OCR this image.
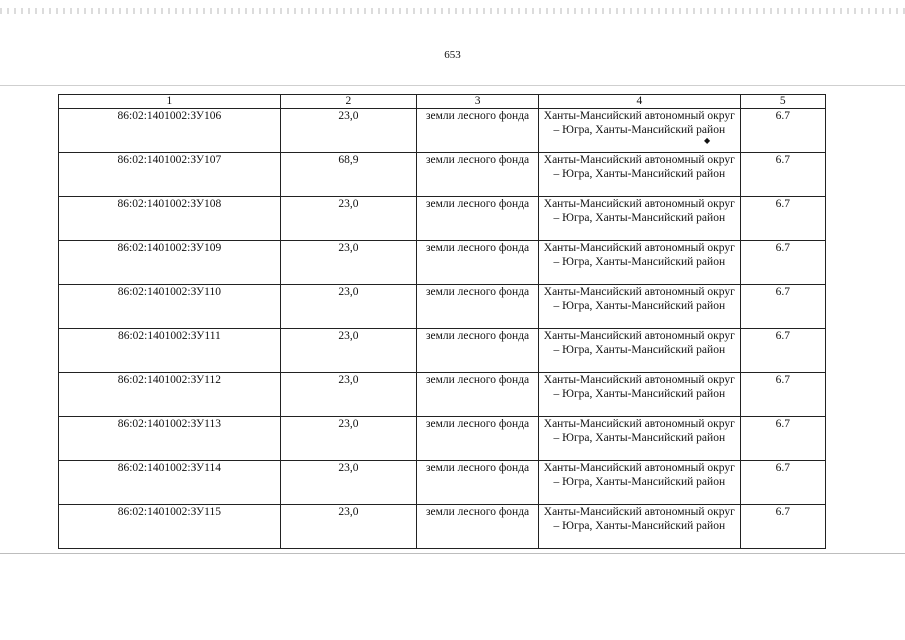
653
1	2	3	4	5
86:02:1401002:ЗУ106	23,0	земли лесного фонда	Ханты-Мансийский автономный округ – Югра, Ханты-Мансийский район	6.7
86:02:1401002:ЗУ107	68,9	земли лесного фонда	Ханты-Мансийский автономный округ – Югра, Ханты-Мансийский район	6.7
86:02:1401002:ЗУ108	23,0	земли лесного фонда	Ханты-Мансийский автономный округ – Югра, Ханты-Мансийский район	6.7
86:02:1401002:ЗУ109	23,0	земли лесного фонда	Ханты-Мансийский автономный округ – Югра, Ханты-Мансийский район	6.7
86:02:1401002:ЗУ110	23,0	земли лесного фонда	Ханты-Мансийский автономный округ – Югра, Ханты-Мансийский район	6.7
86:02:1401002:ЗУ111	23,0	земли лесного фонда	Ханты-Мансийский автономный округ – Югра, Ханты-Мансийский район	6.7
86:02:1401002:ЗУ112	23,0	земли лесного фонда	Ханты-Мансийский автономный округ – Югра, Ханты-Мансийский район	6.7
86:02:1401002:ЗУ113	23,0	земли лесного фонда	Ханты-Мансийский автономный округ – Югра, Ханты-Мансийский район	6.7
86:02:1401002:ЗУ114	23,0	земли лесного фонда	Ханты-Мансийский автономный округ – Югра, Ханты-Мансийский район	6.7
86:02:1401002:ЗУ115	23,0	земли лесного фонда	Ханты-Мансийский автономный округ – Югра, Ханты-Мансийский район	6.7
◆
